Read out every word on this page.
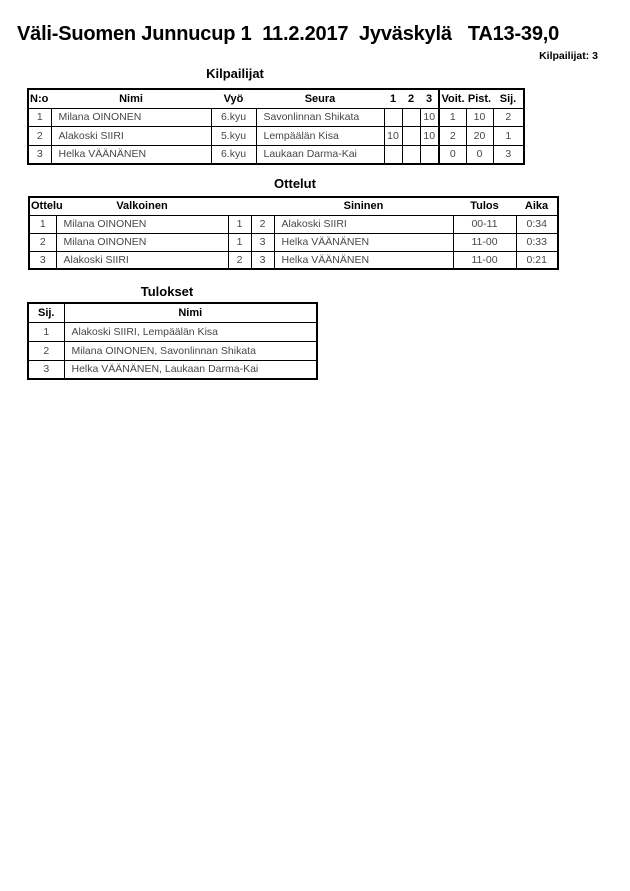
Väli-Suomen Junnucup 1  11.2.2017  Jyväskylä   TA13-39,0
Kilpailijat: 3
Kilpailijat
N:o	Nimi	Vyö	Seura	1	2	3	Voit.	Pist.	Sij.
1	Milana OINONEN	6.kyu	Savonlinnan Shikata			10	1	10	2
2	Alakoski SIIRI	5.kyu	Lempäälän Kisa	10		10	2	20	1
3	Helka VÄÄNÄNEN	6.kyu	Laukaan Darma-Kai				0	0	3
Ottelut
Ottelu	Valkoinen			Sininen	Tulos	Aika
1	Milana OINONEN	1	2	Alakoski SIIRI	00-11	0:34
2	Milana OINONEN	1	3	Helka VÄÄNÄNEN	11-00	0:33
3	Alakoski SIIRI	2	3	Helka VÄÄNÄNEN	11-00	0:21
Tulokset
Sij.	Nimi
1	Alakoski SIIRI, Lempäälän Kisa
2	Milana OINONEN, Savonlinnan Shikata
3	Helka VÄÄNÄNEN, Laukaan Darma-Kai
